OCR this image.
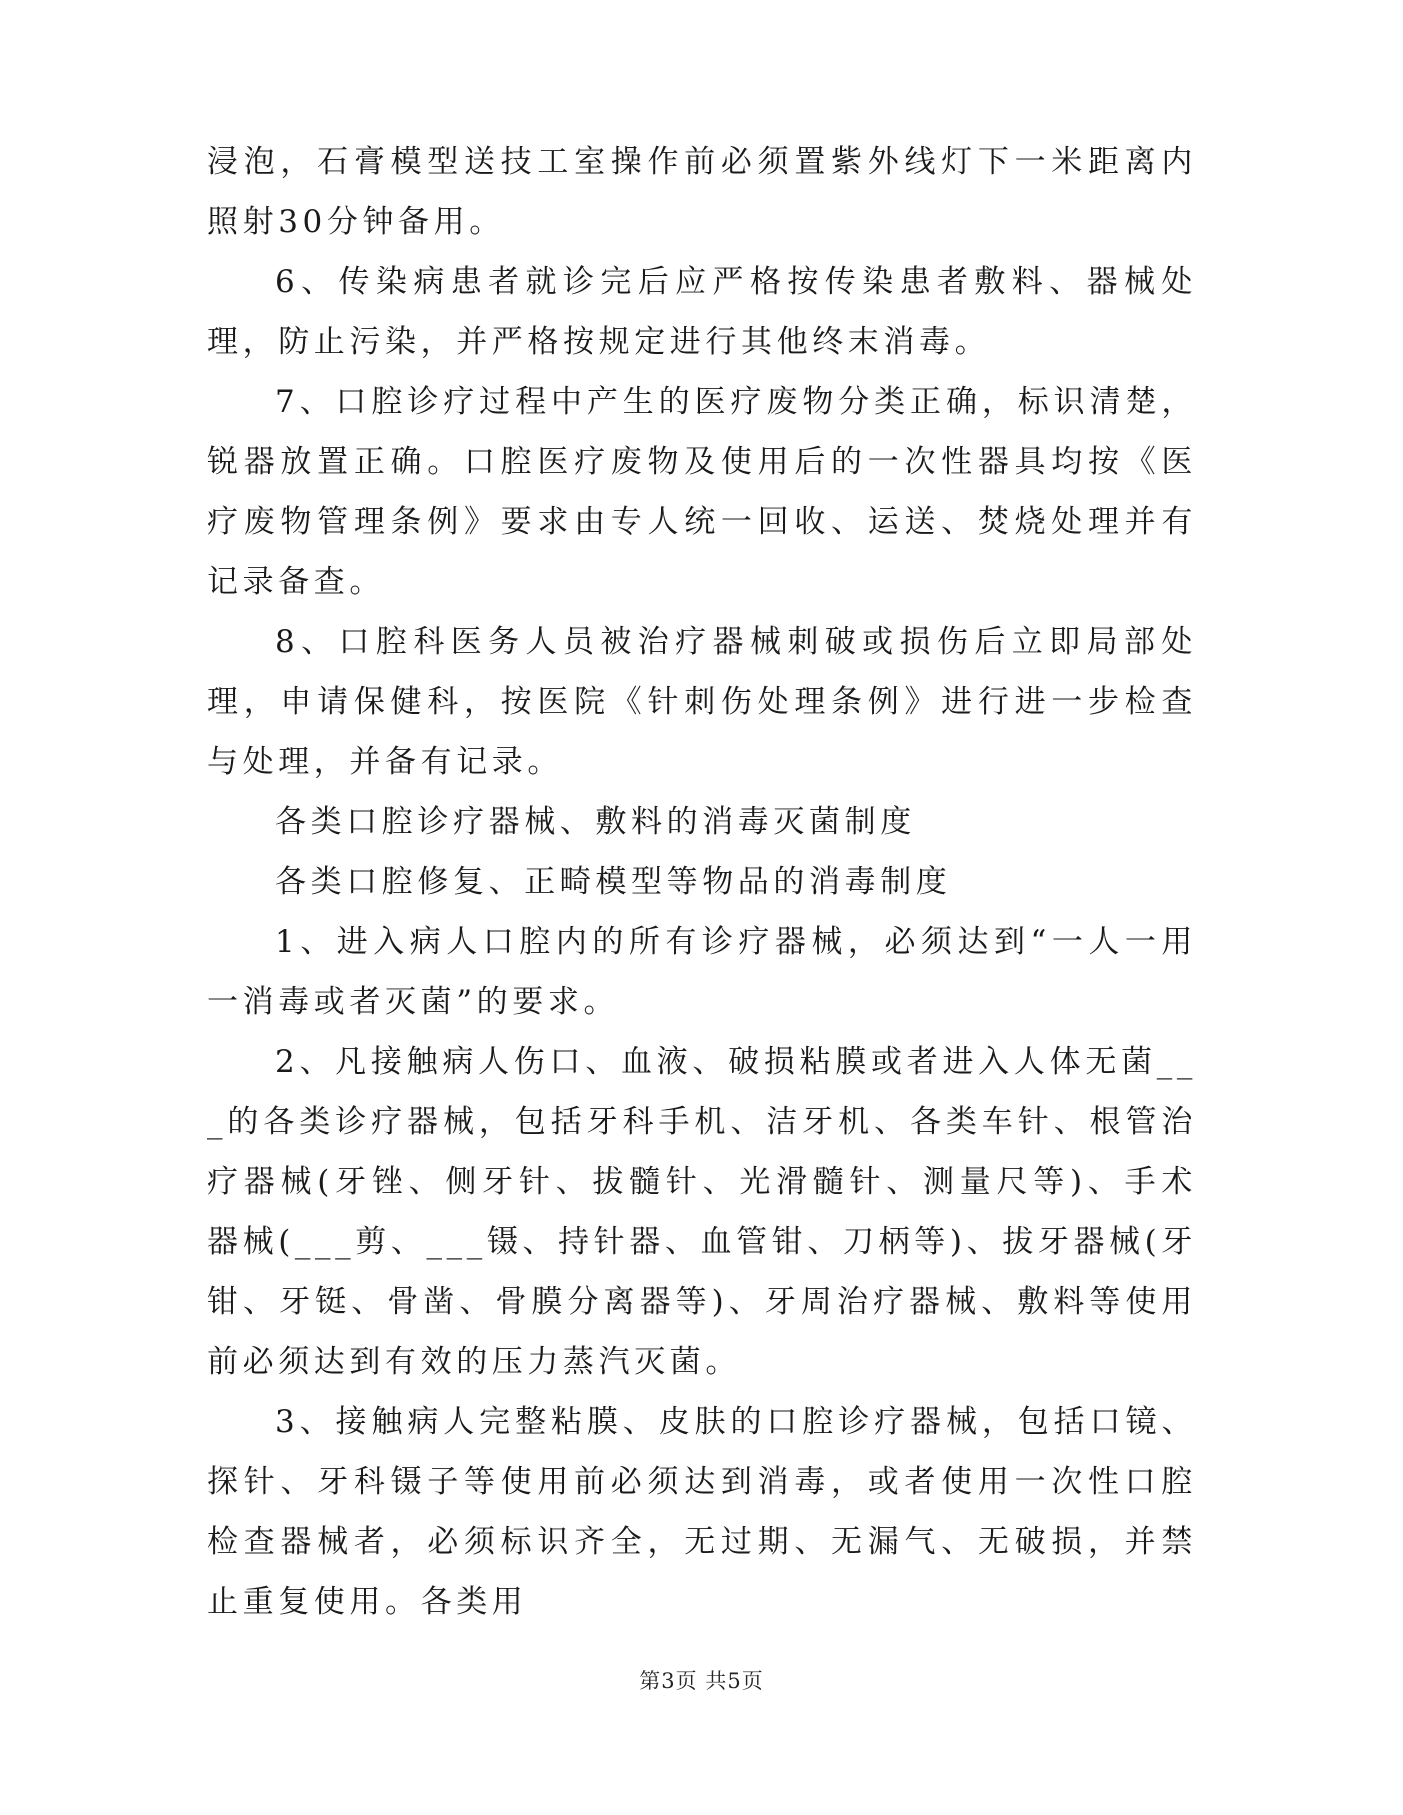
浸泡，石膏模型送技工室操作前必须置紫外线灯下一米距离内照射30分钟备用。

6、传染病患者就诊完后应严格按传染患者敷料、器械处理，防止污染，并严格按规定进行其他终末消毒。

7、口腔诊疗过程中产生的医疗废物分类正确，标识清楚，锐器放置正确。口腔医疗废物及使用后的一次性器具均按《医疗废物管理条例》要求由专人统一回收、运送、焚烧处理并有记录备查。

8、口腔科医务人员被治疗器械刺破或损伤后立即局部处理，申请保健科，按医院《针刺伤处理条例》进行进一步检查与处理，并备有记录。

各类口腔诊疗器械、敷料的消毒灭菌制度

各类口腔修复、正畸模型等物品的消毒制度

1、进入病人口腔内的所有诊疗器械，必须达到“一人一用一消毒或者灭菌”的要求。

2、凡接触病人伤口、血液、破损粘膜或者进入人体无菌___的各类诊疗器械，包括牙科手机、洁牙机、各类车针、根管治疗器械(牙锉、侧牙针、拔髓针、光滑髓针、测量尺等)、手术器械(___剪、___镊、持针器、血管钳、刀柄等)、拔牙器械(牙钳、牙铤、骨凿、骨膜分离器等)、牙周治疗器械、敷料等使用前必须达到有效的压力蒸汽灭菌。

3、接触病人完整粘膜、皮肤的口腔诊疗器械，包括口镜、探针、牙科镊子等使用前必须达到消毒，或者使用一次性口腔检查器械者，必须标识齐全，无过期、无漏气、无破损，并禁止重复使用。各类用

第3页 共5页
